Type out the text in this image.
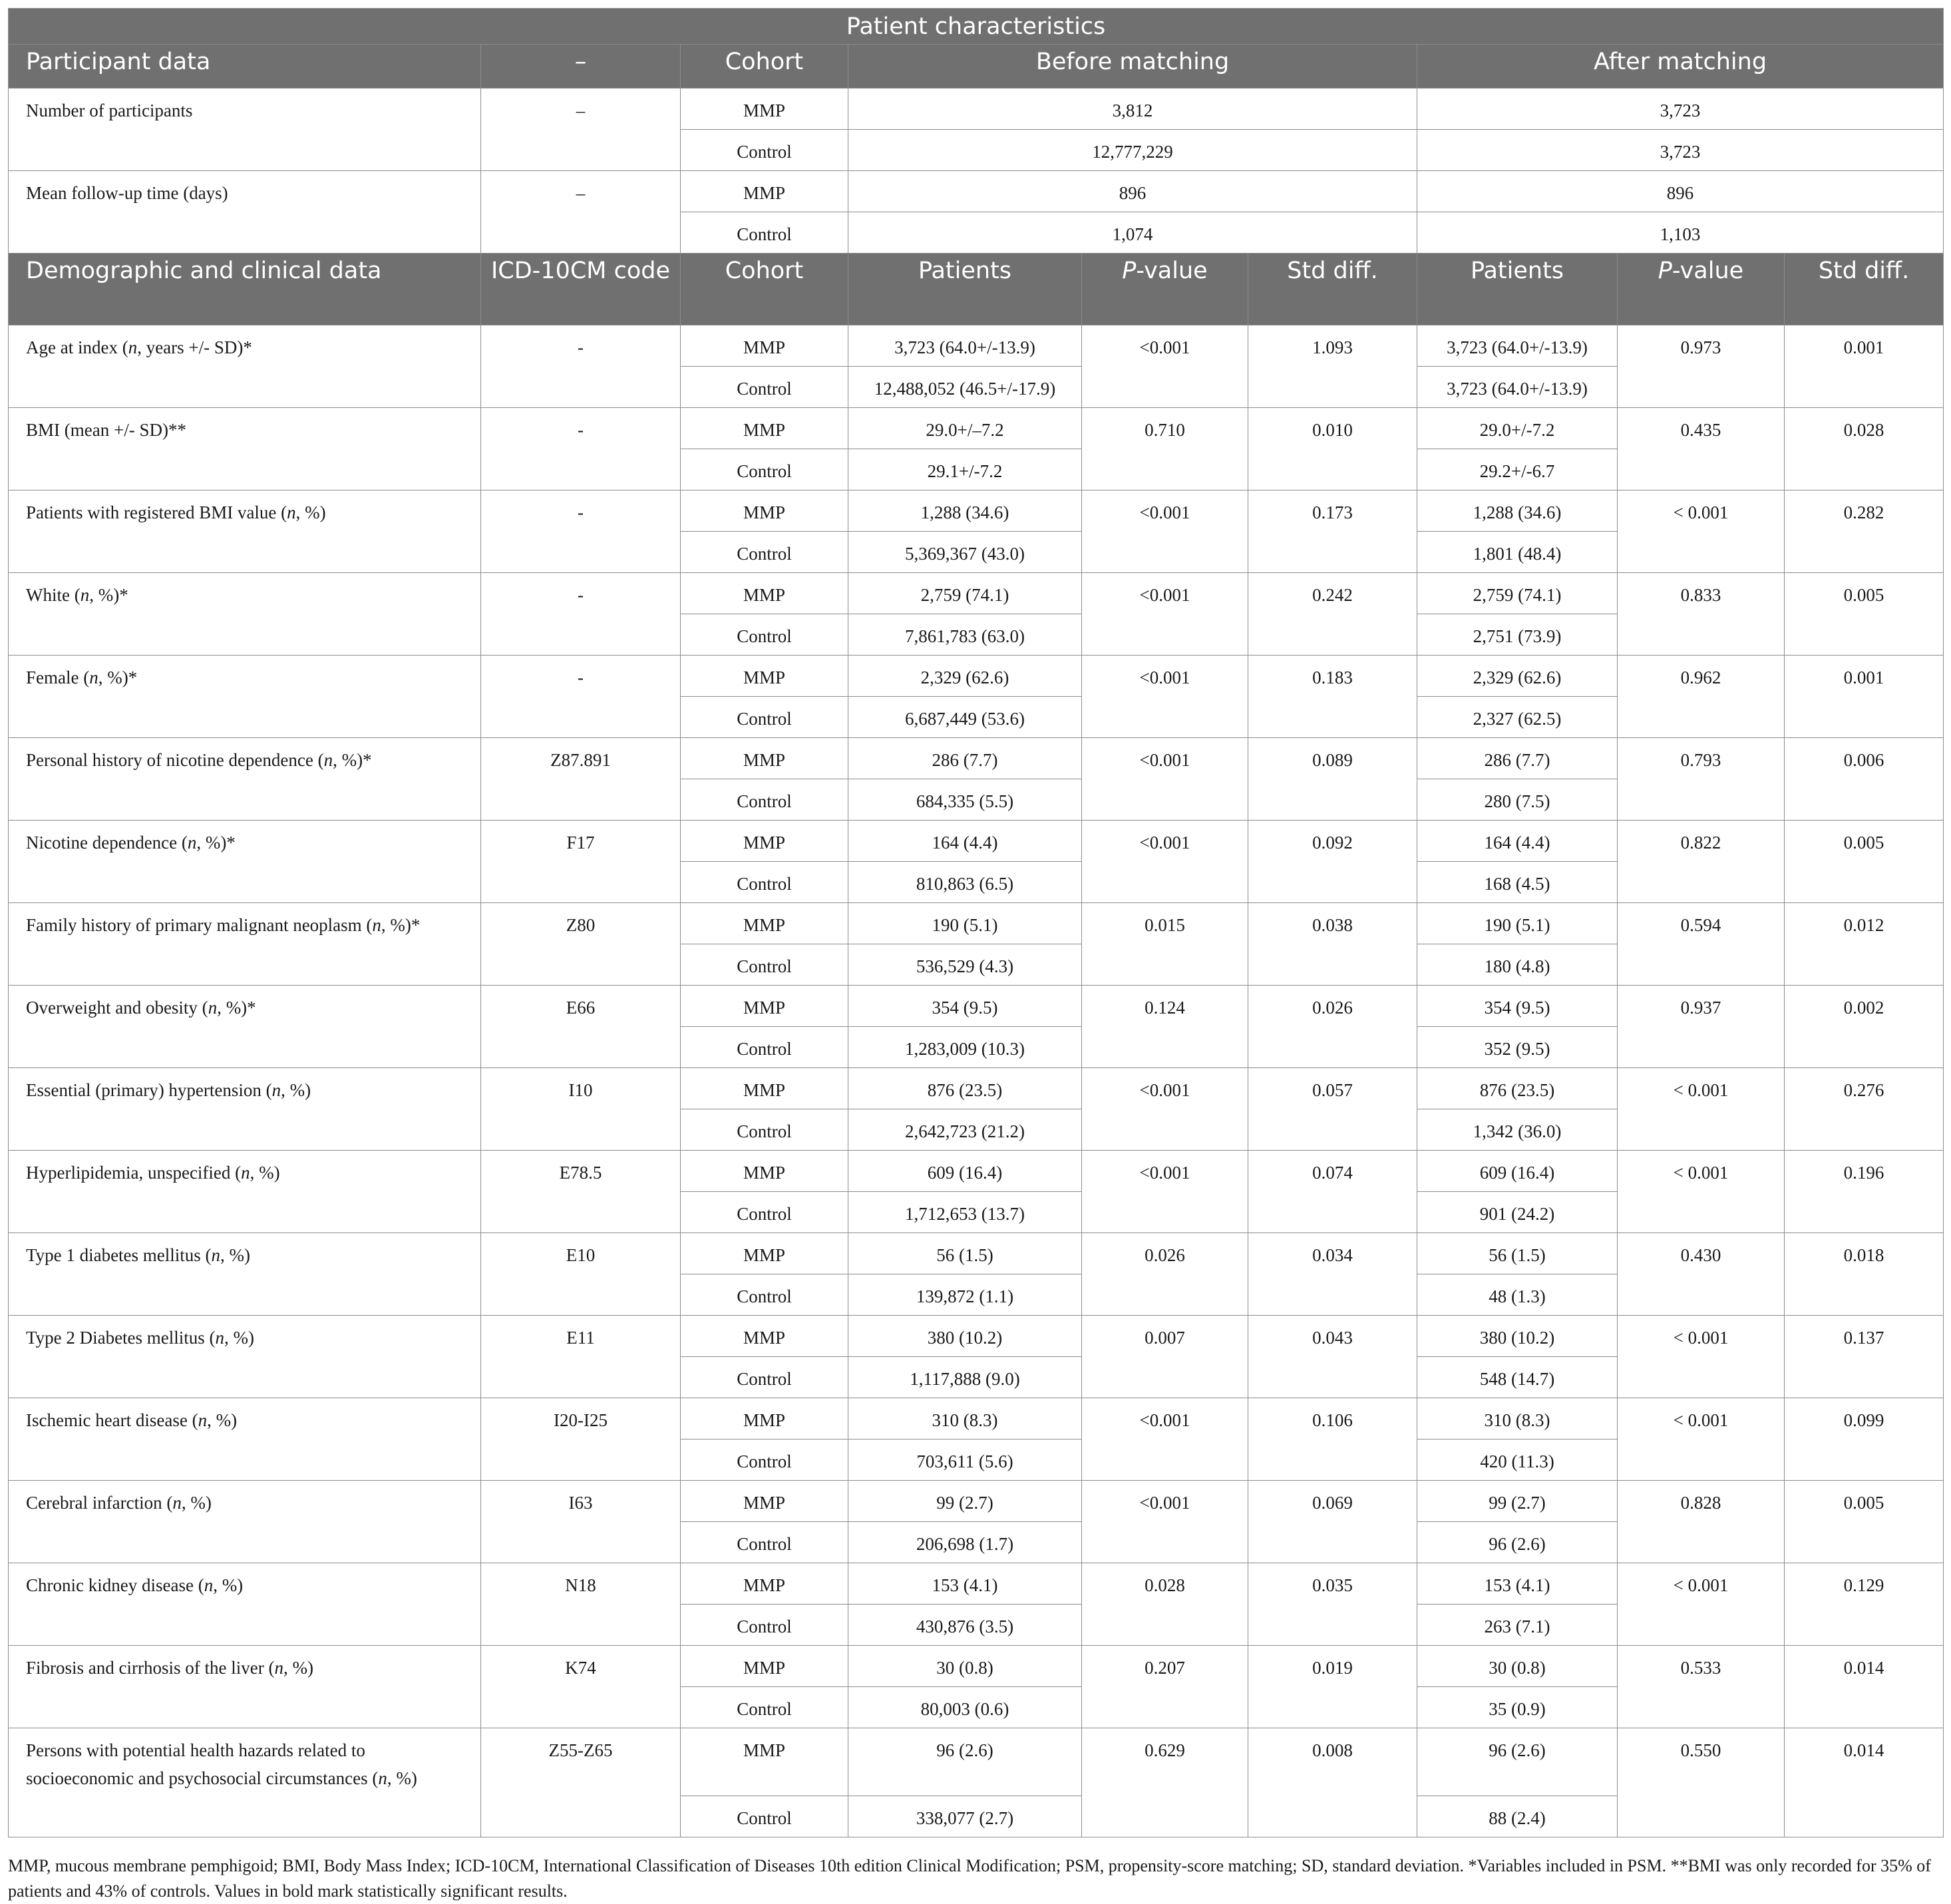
Patient characteristics								
Participant data	–	Cohort	Before matching			After matching		
Number of participants	–	MMP	3,812			3,723		
		Control	12,777,229			3,723		
Mean follow-up time (days)	–	MMP	896			896		
		Control	1,074			1,103		
Demographic and clinical data	ICD-10CM code	Cohort	Patients	P-value	Std diff.	Patients	P-value	Std diff.
Age at index (n, years +/- SD)*	-	MMP	3,723 (64.0+/-13.9)	<0.001	1.093	3,723 (64.0+/-13.9)	0.973	0.001
		Control	12,488,052 (46.5+/-17.9)			3,723 (64.0+/-13.9)		
BMI (mean +/- SD)**	-	MMP	29.0+/–7.2	0.710	0.010	29.0+/-7.2	0.435	0.028
		Control	29.1+/-7.2			29.2+/-6.7		
Patients with registered BMI value (n, %)	-	MMP	1,288 (34.6)	<0.001	0.173	1,288 (34.6)	< 0.001	0.282
		Control	5,369,367 (43.0)			1,801 (48.4)		
White (n, %)*	-	MMP	2,759 (74.1)	<0.001	0.242	2,759 (74.1)	0.833	0.005
		Control	7,861,783 (63.0)			2,751 (73.9)		
Female (n, %)*	-	MMP	2,329 (62.6)	<0.001	0.183	2,329 (62.6)	0.962	0.001
		Control	6,687,449 (53.6)			2,327 (62.5)		
Personal history of nicotine dependence (n, %)*	Z87.891	MMP	286 (7.7)	<0.001	0.089	286 (7.7)	0.793	0.006
		Control	684,335 (5.5)			280 (7.5)		
Nicotine dependence (n, %)*	F17	MMP	164 (4.4)	<0.001	0.092	164 (4.4)	0.822	0.005
		Control	810,863 (6.5)			168 (4.5)		
Family history of primary malignant neoplasm (n, %)*	Z80	MMP	190 (5.1)	0.015	0.038	190 (5.1)	0.594	0.012
		Control	536,529 (4.3)			180 (4.8)		
Overweight and obesity (n, %)*	E66	MMP	354 (9.5)	0.124	0.026	354 (9.5)	0.937	0.002
		Control	1,283,009 (10.3)			352 (9.5)		
Essential (primary) hypertension (n, %)	I10	MMP	876 (23.5)	<0.001	0.057	876 (23.5)	< 0.001	0.276
		Control	2,642,723 (21.2)			1,342 (36.0)		
Hyperlipidemia, unspecified (n, %)	E78.5	MMP	609 (16.4)	<0.001	0.074	609 (16.4)	< 0.001	0.196
		Control	1,712,653 (13.7)			901 (24.2)		
Type 1 diabetes mellitus (n, %)	E10	MMP	56 (1.5)	0.026	0.034	56 (1.5)	0.430	0.018
		Control	139,872 (1.1)			48 (1.3)		
Type 2 Diabetes mellitus (n, %)	E11	MMP	380 (10.2)	0.007	0.043	380 (10.2)	< 0.001	0.137
		Control	1,117,888 (9.0)			548 (14.7)		
Ischemic heart disease (n, %)	I20-I25	MMP	310 (8.3)	<0.001	0.106	310 (8.3)	< 0.001	0.099
		Control	703,611 (5.6)			420 (11.3)		
Cerebral infarction (n, %)	I63	MMP	99 (2.7)	<0.001	0.069	99 (2.7)	0.828	0.005
		Control	206,698 (1.7)			96 (2.6)		
Chronic kidney disease (n, %)	N18	MMP	153 (4.1)	0.028	0.035	153 (4.1)	< 0.001	0.129
		Control	430,876 (3.5)			263 (7.1)		
Fibrosis and cirrhosis of the liver (n, %)	K74	MMP	30 (0.8)	0.207	0.019	30 (0.8)	0.533	0.014
		Control	80,003 (0.6)			35 (0.9)		
Persons with potential health hazards related to socioeconomic and psychosocial circumstances (n, %)	Z55-Z65	MMP	96 (2.6)	0.629	0.008	96 (2.6)	0.550	0.014
		Control	338,077 (2.7)			88 (2.4)		
MMP, mucous membrane pemphigoid; BMI, Body Mass Index; ICD-10CM, International Classification of Diseases 10th edition Clinical Modification; PSM, propensity-score matching; SD, standard deviation. *Variables included in PSM. **BMI was only recorded for 35% of patients and 43% of controls. Values in bold mark statistically significant results.
